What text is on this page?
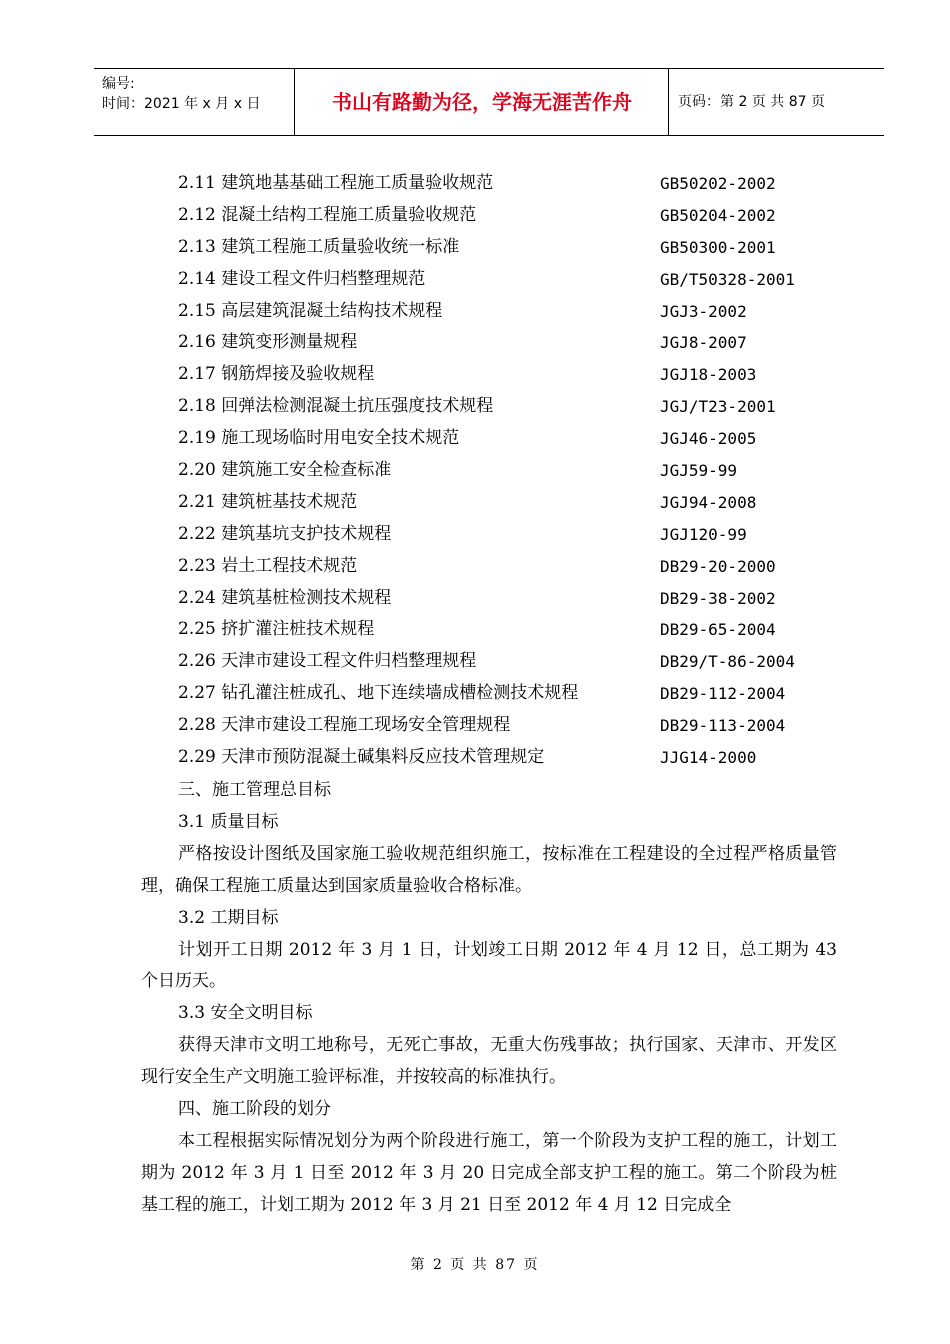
编号:
时间：2021 年 x 月 x 日	书山有路勤为径，学海无涯苦作舟	页码：第 2 页 共 87 页
2.11 建筑地基基础工程施工质量验收规范	GB50202-2002
2.12 混凝土结构工程施工质量验收规范	GB50204-2002
2.13 建筑工程施工质量验收统一标准	GB50300-2001
2.14 建设工程文件归档整理规范	GB/T50328-2001
2.15 高层建筑混凝土结构技术规程	JGJ3-2002
2.16 建筑变形测量规程	JGJ8-2007
2.17 钢筋焊接及验收规程	JGJ18-2003
2.18 回弹法检测混凝土抗压强度技术规程	JGJ/T23-2001
2.19 施工现场临时用电安全技术规范	JGJ46-2005
2.20 建筑施工安全检查标准	JGJ59-99
2.21 建筑桩基技术规范	JGJ94-2008
2.22 建筑基坑支护技术规程	JGJ120-99
2.23 岩土工程技术规范	DB29-20-2000
2.24 建筑基桩检测技术规程	DB29-38-2002
2.25 挤扩灌注桩技术规程	DB29-65-2004
2.26 天津市建设工程文件归档整理规程	DB29/T-86-2004
2.27 钻孔灌注桩成孔、地下连续墙成槽检测技术规程	DB29-112-2004
2.28 天津市建设工程施工现场安全管理规程	DB29-113-2004
2.29 天津市预防混凝土碱集料反应技术管理规定	JJG14-2000

三、施工管理总目标

3.1 质量目标

严格按设计图纸及国家施工验收规范组织施工，按标准在工程建设的全过程严格质量管理，确保工程施工质量达到国家质量验收合格标准。

3.2 工期目标

计划开工日期 2012 年 3 月 1 日，计划竣工日期 2012 年 4 月 12 日，总工期为 43 个日历天。

3.3 安全文明目标

获得天津市文明工地称号，无死亡事故，无重大伤残事故；执行国家、天津市、开发区现行安全生产文明施工验评标准，并按较高的标准执行。

四、施工阶段的划分

本工程根据实际情况划分为两个阶段进行施工，第一个阶段为支护工程的施工，计划工期为 2012 年 3 月 1 日至 2012 年 3 月 20 日完成全部支护工程的施工。第二个阶段为桩基工程的施工，计划工期为 2012 年 3 月 21 日至 2012 年 4 月 12 日完成全

第 2 页 共 87 页
